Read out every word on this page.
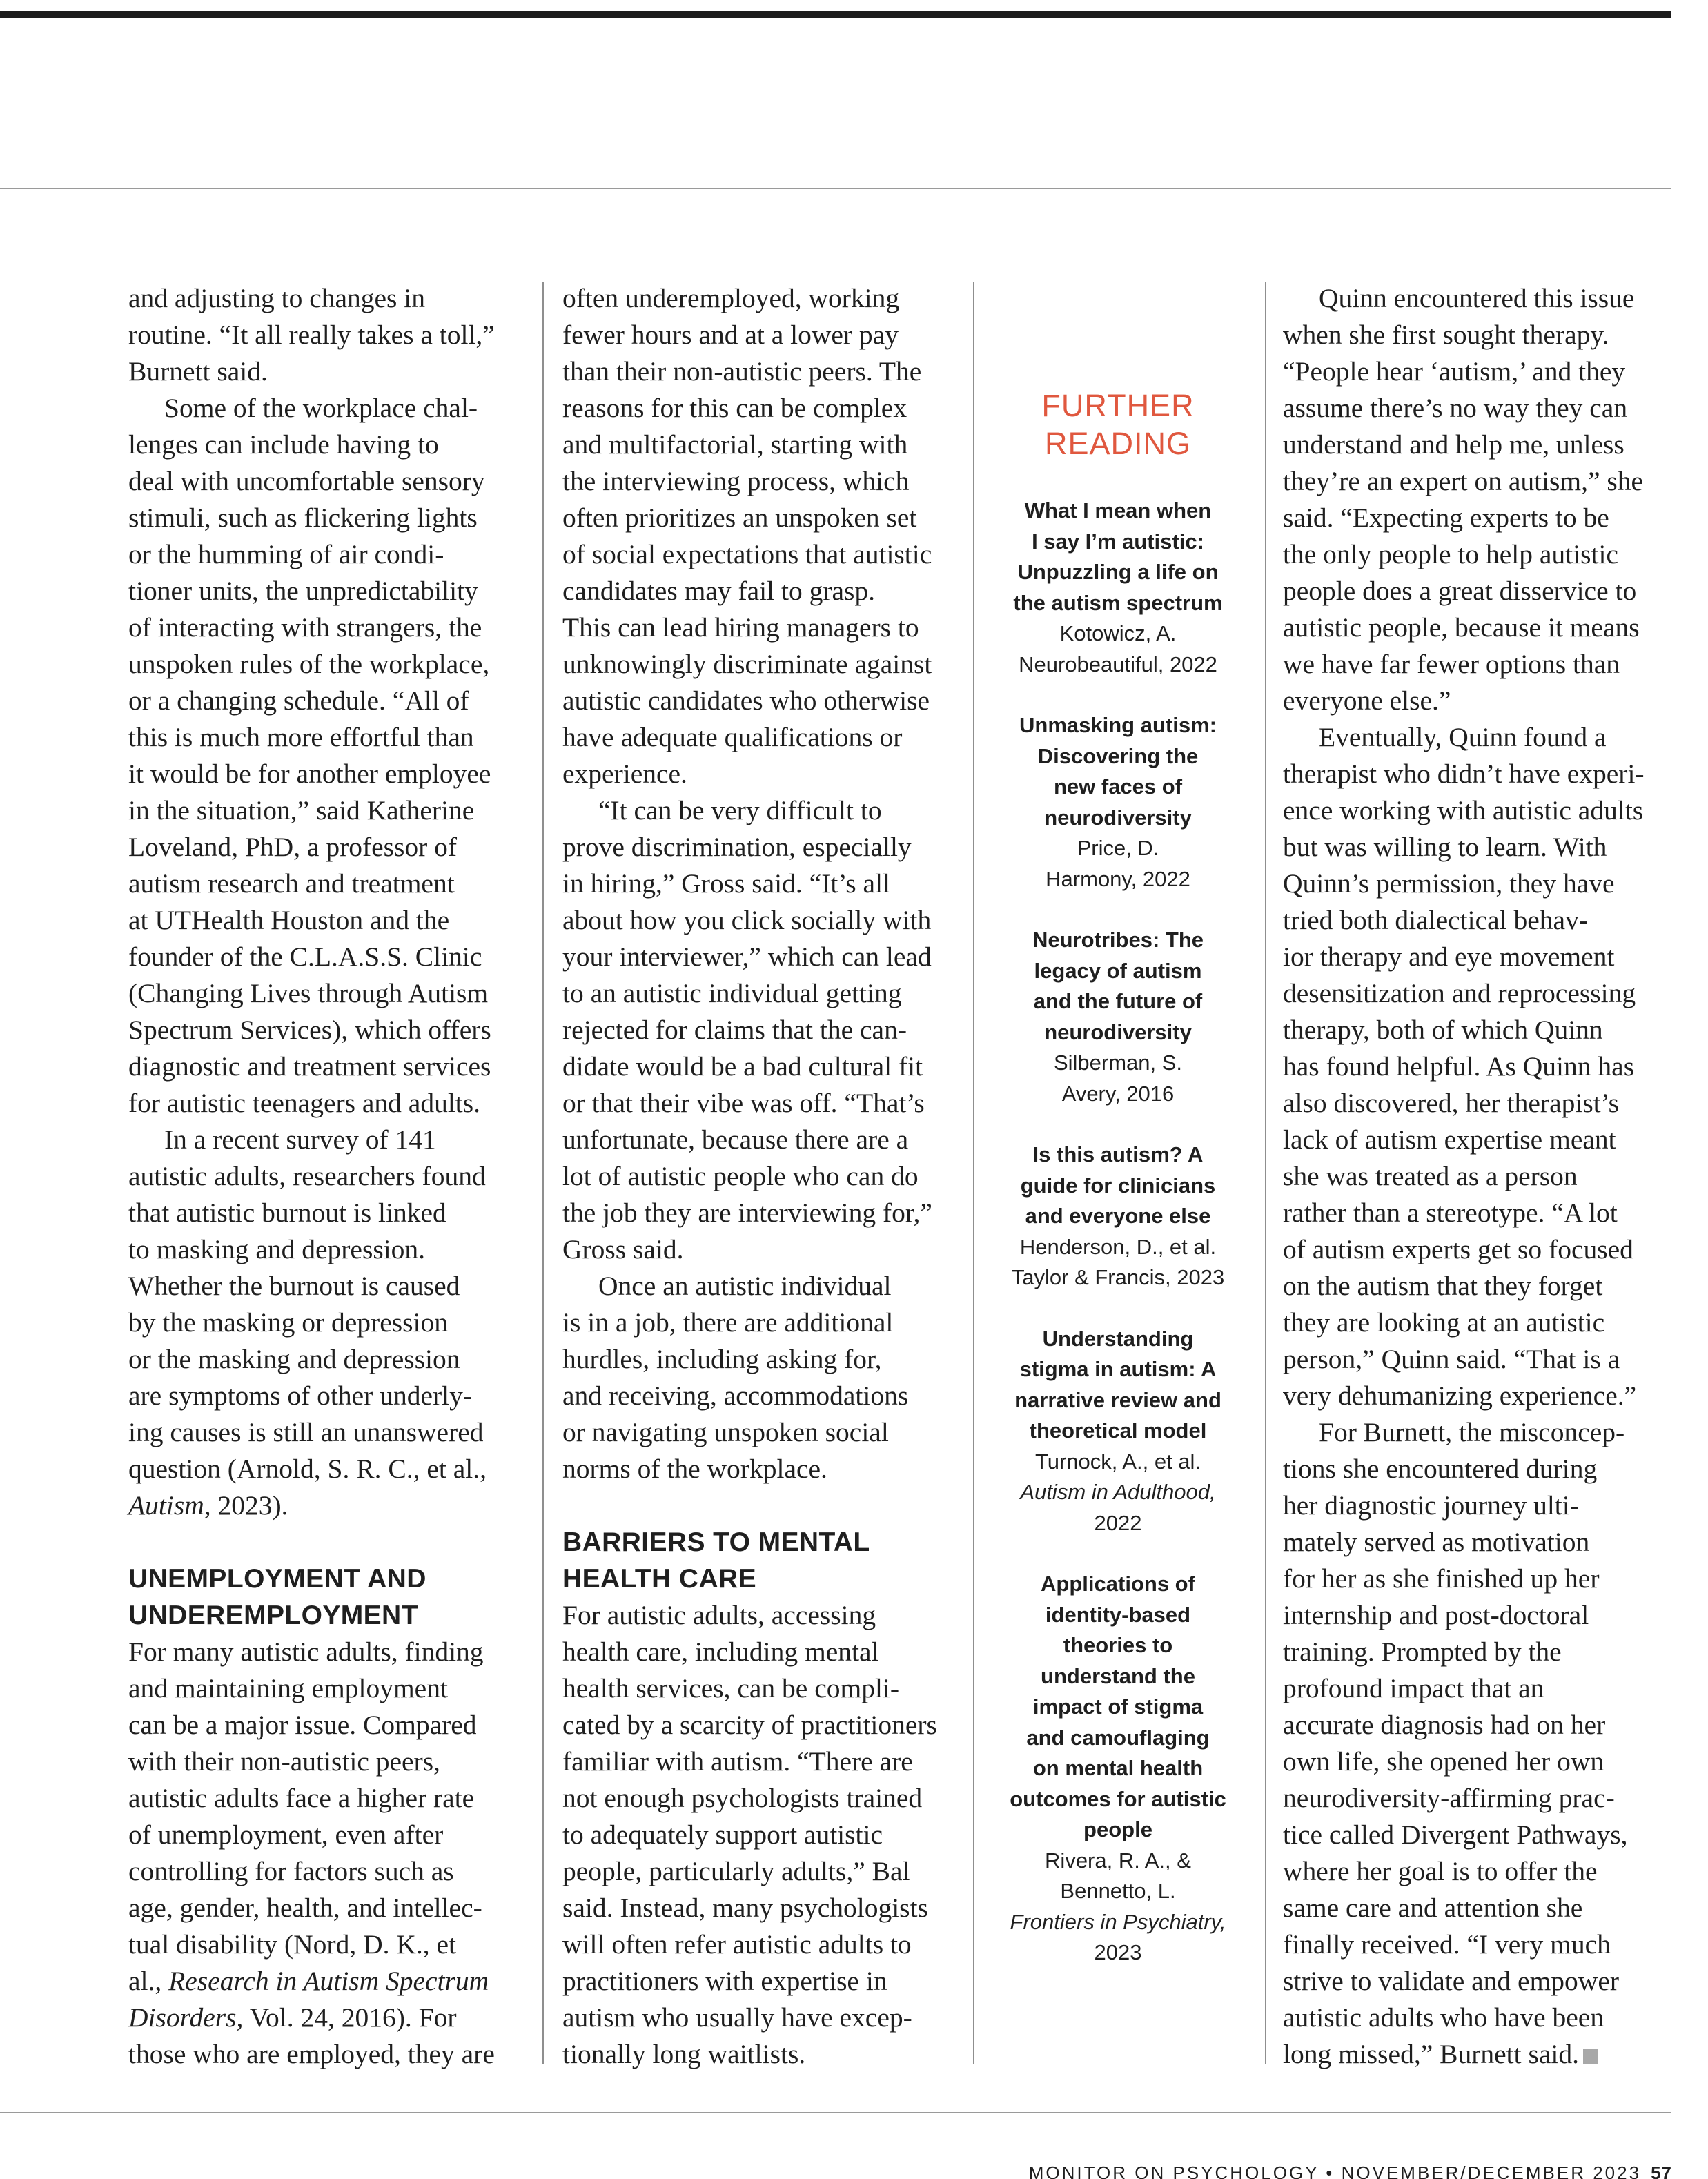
and adjusting to changes in
routine. “It all really takes a toll,”
Burnett said.

Some of the workplace chal-
lenges can include having to
deal with uncomfortable sensory
stimuli, such as flickering lights
or the humming of air condi-
tioner units, the unpredictability
of interacting with strangers, the
unspoken rules of the workplace,
or a changing schedule. “All of
this is much more effortful than
it would be for another employee
in the situation,” said Katherine
Loveland, PhD, a professor of
autism research and treatment
at UTHealth Houston and the
founder of the C.L.A.S.S. Clinic
(Changing Lives through Autism
Spectrum Services), which offers
diagnostic and treatment services
for autistic teenagers and adults.

In a recent survey of 141
autistic adults, researchers found
that autistic burnout is linked
to masking and depression.
Whether the burnout is caused
by the masking or depression
or the masking and depression
are symptoms of other underly-
ing causes is still an unanswered
question (Arnold, S. R. C., et al.,
Autism, 2023).

UNEMPLOYMENT AND
UNDEREMPLOYMENT

For many autistic adults, finding
and maintaining employment
can be a major issue. Compared
with their non-autistic peers,
autistic adults face a higher rate
of unemployment, even after
controlling for factors such as
age, gender, health, and intellec-
tual disability (Nord, D. K., et
al., Research in Autism Spectrum
Disorders, Vol. 24, 2016). For
those who are employed, they are

often underemployed, working
fewer hours and at a lower pay
than their non-autistic peers. The
reasons for this can be complex
and multifactorial, starting with
the interviewing process, which
often prioritizes an unspoken set
of social expectations that autistic
candidates may fail to grasp.
This can lead hiring managers to
unknowingly discriminate against
autistic candidates who otherwise
have adequate qualifications or
experience.

“It can be very difficult to
prove discrimination, especially
in hiring,” Gross said. “It’s all
about how you click socially with
your interviewer,” which can lead
to an autistic individual getting
rejected for claims that the can-
didate would be a bad cultural fit
or that their vibe was off. “That’s
unfortunate, because there are a
lot of autistic people who can do
the job they are interviewing for,”
Gross said.

Once an autistic individual
is in a job, there are additional
hurdles, including asking for,
and receiving, accommodations
or navigating unspoken social
norms of the workplace.

BARRIERS TO MENTAL
HEALTH CARE

For autistic adults, accessing
health care, including mental
health services, can be compli-
cated by a scarcity of practitioners
familiar with autism. “There are
not enough psychologists trained
to adequately support autistic
people, particularly adults,” Bal
said. Instead, many psychologists
will often refer autistic adults to
practitioners with expertise in
autism who usually have excep-
tionally long waitlists.

FURTHER
READING
What I mean when
I say I’m autistic:
Unpuzzling a life on
the autism spectrum
Kotowicz, A.
Neurobeautiful, 2022
Unmasking autism:
Discovering the
new faces of
neurodiversity
Price, D.
Harmony, 2022
Neurotribes: The
legacy of autism
and the future of
neurodiversity
Silberman, S.
Avery, 2016
Is this autism? A
guide for clinicians
and everyone else
Henderson, D., et al.
Taylor & Francis, 2023
Understanding
stigma in autism: A
narrative review and
theoretical model
Turnock, A., et al.
Autism in Adulthood,
2022
Applications of
identity-based
theories to
understand the
impact of stigma
and camouflaging
on mental health
outcomes for autistic
people
Rivera, R. A., &
Bennetto, L.
Frontiers in Psychiatry,
2023

Quinn encountered this issue
when she first sought therapy.
“People hear ‘autism,’ and they
assume there’s no way they can
understand and help me, unless
they’re an expert on autism,” she
said. “Expecting experts to be
the only people to help autistic
people does a great disservice to
autistic people, because it means
we have far fewer options than
everyone else.”

Eventually, Quinn found a
therapist who didn’t have experi-
ence working with autistic adults
but was willing to learn. With
Quinn’s permission, they have
tried both dialectical behav-
ior therapy and eye movement
desensitization and reprocessing
therapy, both of which Quinn
has found helpful. As Quinn has
also discovered, her therapist’s
lack of autism expertise meant
she was treated as a person
rather than a stereotype. “A lot
of autism experts get so focused
on the autism that they forget
they are looking at an autistic
person,” Quinn said. “That is a
very dehumanizing experience.”

For Burnett, the misconcep-
tions she encountered during
her diagnostic journey ulti-
mately served as motivation
for her as she finished up her
internship and post-doctoral
training. Prompted by the
profound impact that an
accurate diagnosis had on her
own life, she opened her own
neurodiversity-affirming prac-
tice called Divergent Pathways,
where her goal is to offer the
same care and attention she
finally received. “I very much
strive to validate and empower
autistic adults who have been
long missed,” Burnett said.

MONITOR ON PSYCHOLOGY • NOVEMBER/DECEMBER 2023 57
